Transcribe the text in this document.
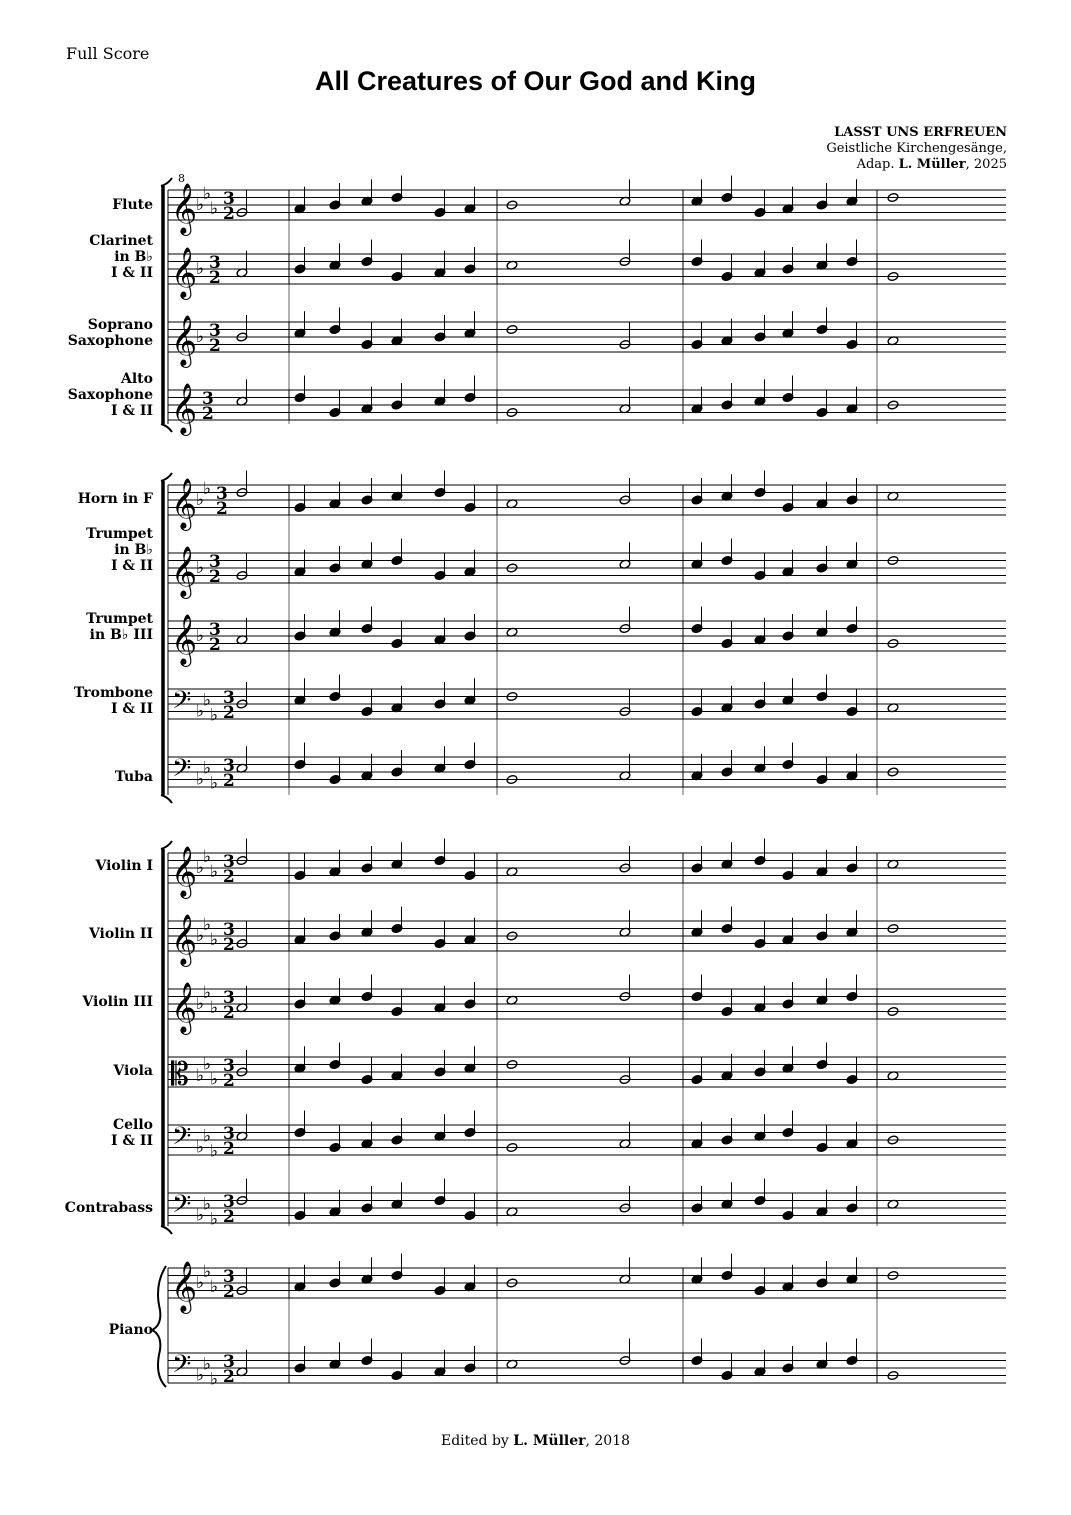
Full Score
All Creatures of Our God and King
LASST UNS ERFREUEN
Geistliche Kirchengesänge,
Adap. L. Müller, 2025
𝄞
♭
♭
♭ 3
2
𝄞
♭ 3
2
𝄞
♭ 3
2
𝄞 3
2
𝄞
♭
♭ 3
2
𝄞
♭ 3
2
𝄞
♭ 3
2
𝄢 ♭
♭
♭
3
2
𝄢 ♭
♭
♭
3
2
𝄞
♭
♭
♭ 3
2
𝄞
♭
♭
♭ 3
2
𝄞
♭
♭
♭ 3
2
𝄡 ♭
♭
♭
3
2
𝄢 ♭
♭
♭
3
2
𝄢 ♭
♭
♭
3
2
𝄞
♭
♭
♭ 3
2
𝄢 ♭
♭
♭
3
2
8
Flute
Clarinet
in B♭
I & II
Soprano
Saxophone
Alto
Saxophone
I & II
Horn in F
Trumpet
in B♭
I & II
Trumpet
in B♭ III
Trombone
I & II
Tuba
Violin I
Violin II
Violin III
Viola
Cello
I & II
Contrabass
Piano
Edited by L. Müller, 2018
